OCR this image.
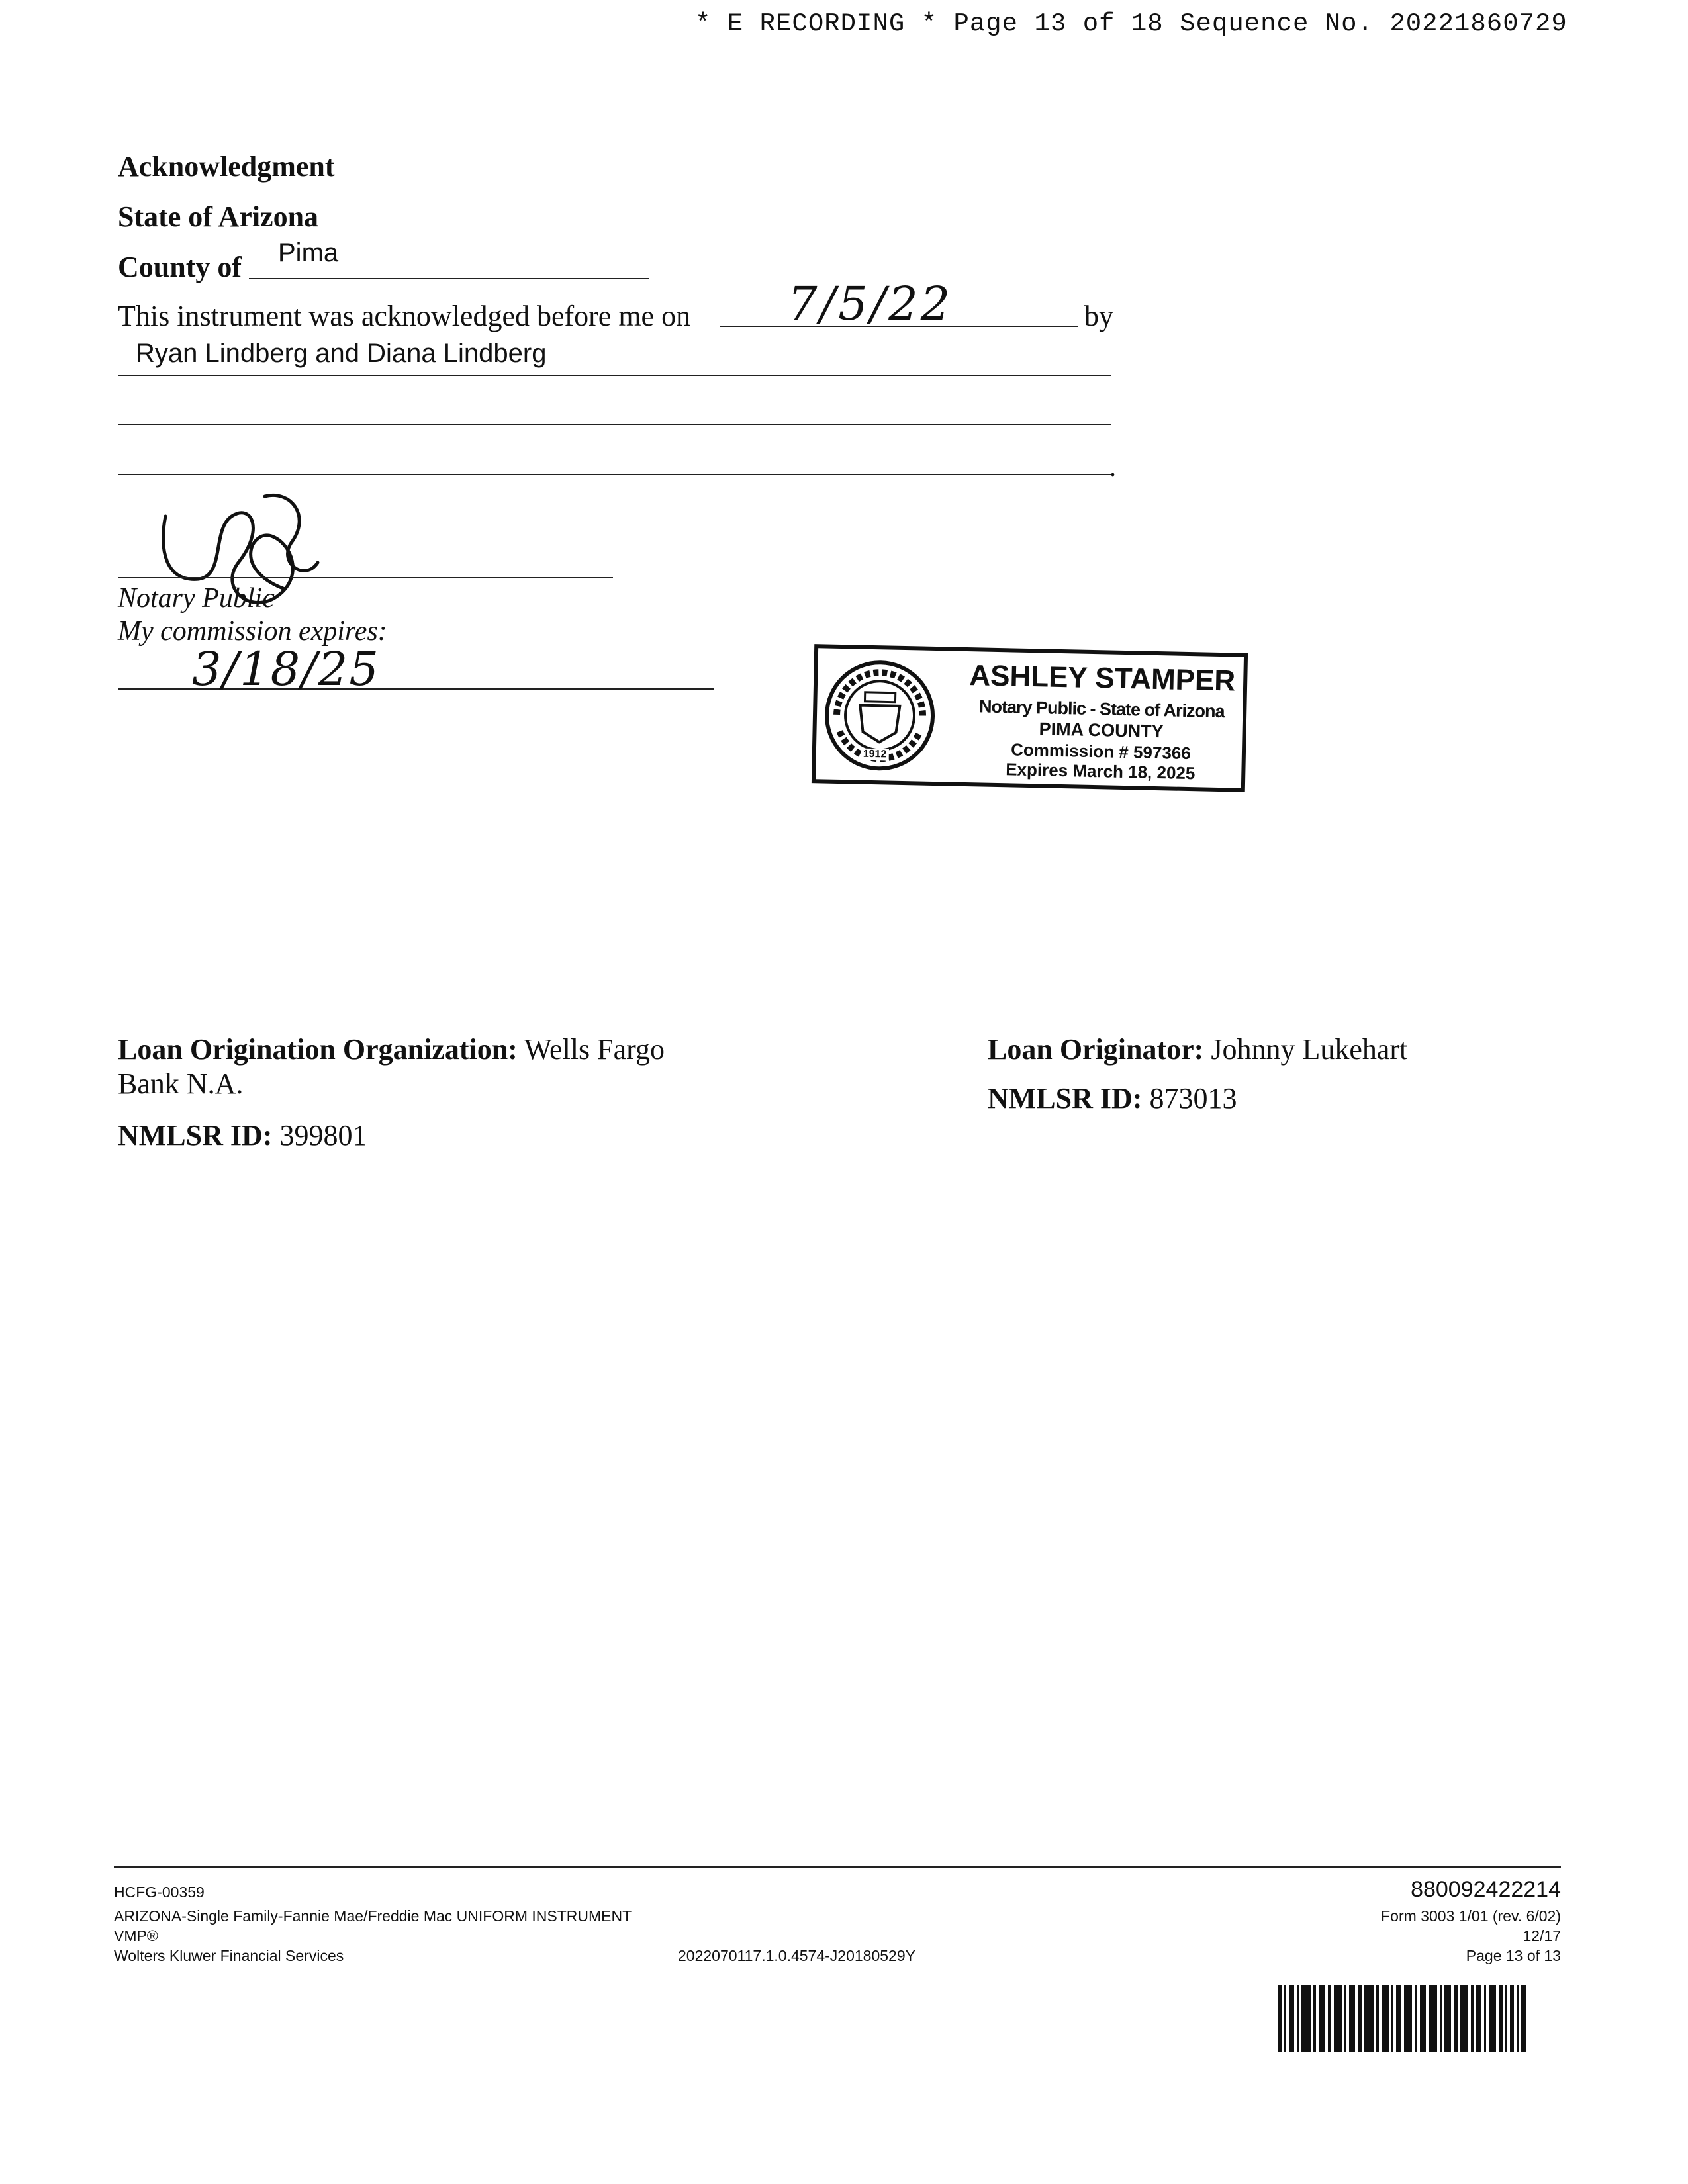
* E RECORDING * Page 13 of 18 Sequence No. 20221860729
Acknowledgment
State of Arizona
County of Pima
This instrument was acknowledged before me on 7/5/22	by
Ryan Lindberg and Diana Lindberg
.
Notary Public
My commission expires:
3/18/25
1912
ASHLEY STAMPER
Notary Public - State of Arizona
PIMA COUNTY
Commission # 597366
Expires March 18, 2025
Loan Origination Organization: Wells Fargo
Bank N.A.
NMLSR ID: 399801
Loan Originator: Johnny Lukehart
NMLSR ID: 873013
HCFG-00359
ARIZONA-Single Family-Fannie Mae/Freddie Mac UNIFORM INSTRUMENT
VMP®
Wolters Kluwer Financial Services	2022070117.1.0.4574-J20180529Y
880092422214
Form 3003 1/01 (rev. 6/02)
12/17
Page 13 of 13
